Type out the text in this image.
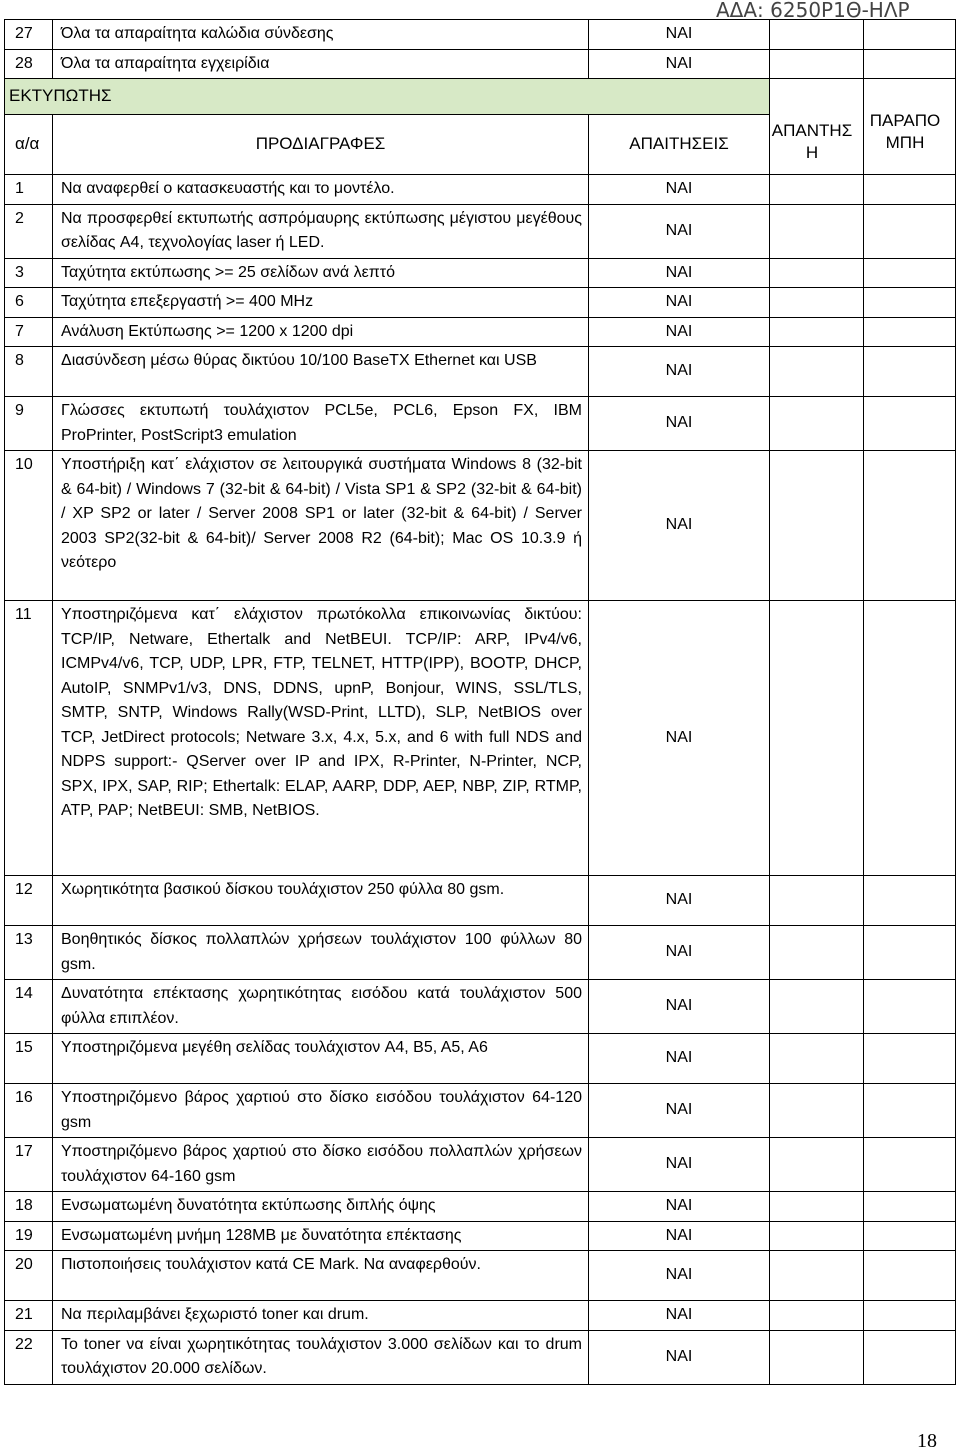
ΑΔΑ: 6250Ρ1Θ-ΗΛΡ
27	Όλα τα απαραίτητα καλώδια σύνδεσης	ΝΑΙ		
28	Όλα τα απαραίτητα εγχειρίδια	ΝΑΙ		
ΕΚΤΥΠΩΤΗΣ				
α/α	ΠΡΟΔΙΑΓΡΑΦΕΣ	ΑΠΑΙΤΗΣΕΙΣ		
1	Να αναφερθεί ο κατασκευαστής και το μοντέλο.	ΝΑΙ		
2	Να προσφερθεί εκτυπωτής ασπρόμαυρης εκτύπωσης μέγιστου μεγέθους σελίδας A4, τεχνολογίας laser ή LED.	ΝΑΙ		
3	Ταχύτητα εκτύπωσης >= 25 σελίδων ανά λεπτό	ΝΑΙ		
6	Ταχύτητα επεξεργαστή >= 400 MHz	ΝΑΙ		
7	Ανάλυση Εκτύπωσης >= 1200 x 1200 dpi	ΝΑΙ		
8	Διασύνδεση μέσω θύρας δικτύου 10/100 BaseTX Ethernet και USB	ΝΑΙ		
9	Γλώσσες εκτυπωτή τουλάχιστον PCL5e, PCL6, Epson FX, IBM ProPrinter, PostScript3 emulation	ΝΑΙ		
10	Υποστήριξη κατ΄ ελάχιστον σε λειτουργικά συστήματα Windows 8 (32-bit & 64-bit) / Windows 7 (32-bit & 64-bit) / Vista SP1 & SP2 (32-bit & 64-bit) / XP SP2 or later / Server 2008 SP1 or later (32-bit & 64-bit) / Server 2003 SP2(32-bit & 64-bit)/ Server 2008 R2 (64-bit); Mac OS 10.3.9 ή νεότερο	ΝΑΙ		
11	Υποστηριζόμενα κατ΄ ελάχιστον πρωτόκολλα επικοινωνίας δικτύου: TCP/IP, Netware, Ethertalk and NetBEUI. TCP/IP: ARP, IPv4/v6, ICMPv4/v6, TCP, UDP, LPR, FTP, TELNET, HTTP(IPP), BOOTP, DHCP, AutoIP, SNMPv1/v3, DNS, DDNS, upnP, Bonjour, WINS, SSL/TLS, SMTP, SNTP, Windows Rally(WSD-Print, LLTD), SLP, NetBIOS over TCP, JetDirect protocols; Netware 3.x, 4.x, 5.x, and 6 with full NDS and NDPS support:- QServer over IP and IPX, R-Printer, N-Printer, NCP, SPX, IPX, SAP, RIP; Ethertalk: ELAP, AARP, DDP, AEP, NBP, ZIP, RTMP, ATP, PAP; NetBEUI: SMB, NetBIOS.	ΝΑΙ		
12	Χωρητικότητα βασικού δίσκου τουλάχιστον 250 φύλλα 80 gsm.	ΝΑΙ		
13	Βοηθητικός δίσκος πολλαπλών χρήσεων τουλάχιστον 100 φύλλων 80 gsm.	ΝΑΙ		
14	Δυνατότητα επέκτασης χωρητικότητας εισόδου κατά τουλάχιστον 500 φύλλα επιπλέον.	ΝΑΙ		
15	Υποστηριζόμενα μεγέθη σελίδας τουλάχιστον A4, B5, A5, A6	ΝΑΙ		
16	Υποστηριζόμενο βάρος χαρτιού στο δίσκο εισόδου τουλάχιστον 64-120 gsm	ΝΑΙ		
17	Υποστηριζόμενο βάρος χαρτιού στο δίσκο εισόδου πολλαπλών χρήσεων τουλάχιστον 64-160 gsm	ΝΑΙ		
18	Ενσωματωμένη δυνατότητα εκτύπωσης διπλής όψης	ΝΑΙ		
19	Ενσωματωμένη μνήμη 128MB με δυνατότητα επέκτασης	ΝΑΙ		
20	Πιστοποιήσεις τουλάχιστον κατά CE Mark. Να αναφερθούν.	ΝΑΙ		
21	Να περιλαμβάνει ξεχωριστό toner και drum.	ΝΑΙ		
22	Το toner να είναι χωρητικότητας τουλάχιστον 3.000 σελίδων και το drum τουλάχιστον 20.000 σελίδων.	ΝΑΙ		
18
ΑΠΑΝΤΗΣΗ
ΠΑΡΑΠΟΜΠΗ
